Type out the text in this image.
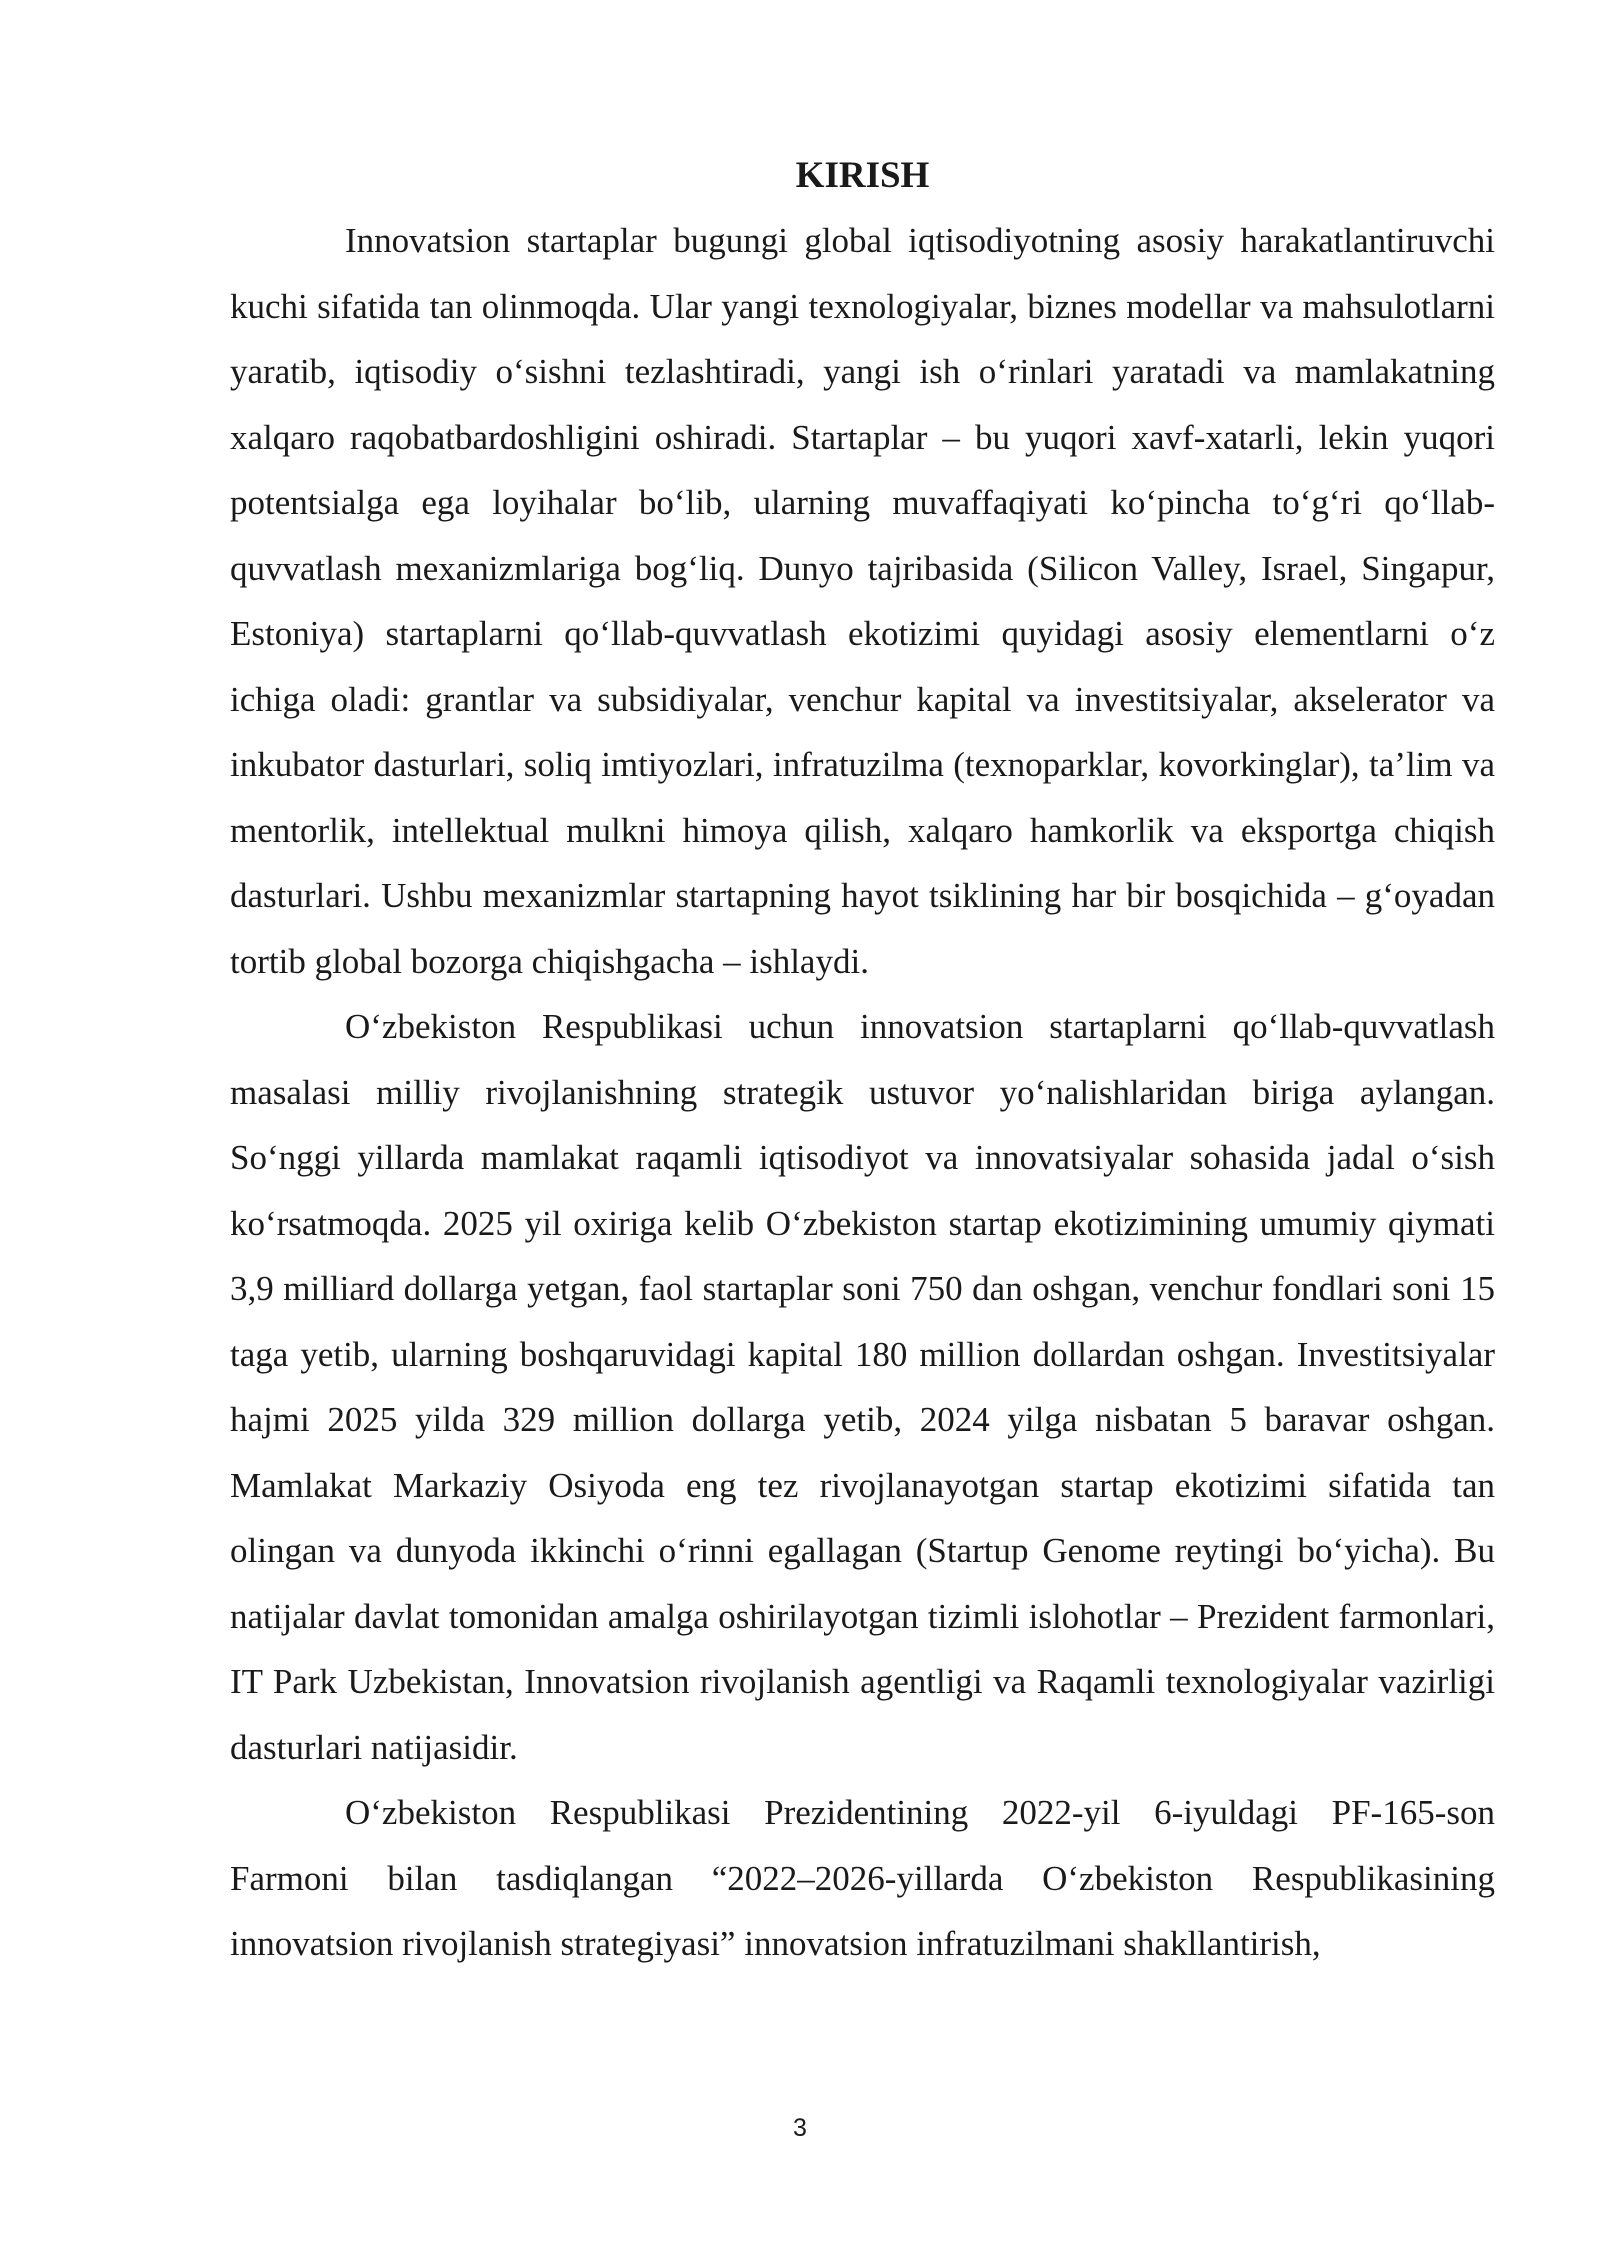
KIRISH

Innovatsion startaplar bugungi global iqtisodiyotning asosiy harakatlantiruvchi kuchi sifatida tan olinmoqda. Ular yangi texnologiyalar, biznes modellar va mahsulotlarni yaratib, iqtisodiy o‘sishni tezlashtiradi, yangi ish o‘rinlari yaratadi va mamlakatning xalqaro raqobatbardoshligini oshiradi. Startaplar – bu yuqori xavf-xatarli, lekin yuqori potentsialga ega loyihalar bo‘lib, ularning muvaffaqiyati ko‘pincha to‘g‘ri qo‘llab-quvvatlash mexanizmlariga bog‘liq. Dunyo tajribasida (Silicon Valley, Israel, Singapur, Estoniya) startaplarni qo‘llab-quvvatlash ekotizimi quyidagi asosiy elementlarni o‘z ichiga oladi: grantlar va subsidiyalar, venchur kapital va investitsiyalar, akselerator va inkubator dasturlari, soliq imtiyozlari, infratuzilma (texnoparklar, kovorkinglar), ta’lim va mentorlik, intellektual mulkni himoya qilish, xalqaro hamkorlik va eksportga chiqish dasturlari. Ushbu mexanizmlar startapning hayot tsiklining har bir bosqichida – g‘oyadan tortib global bozorga chiqishgacha – ishlaydi.

O‘zbekiston Respublikasi uchun innovatsion startaplarni qo‘llab-quvvatlash masalasi milliy rivojlanishning strategik ustuvor yo‘nalishlaridan biriga aylangan. So‘nggi yillarda mamlakat raqamli iqtisodiyot va innovatsiyalar sohasida jadal o‘sish ko‘rsatmoqda. 2025 yil oxiriga kelib O‘zbekiston startap ekotizimining umumiy qiymati 3,9 milliard dollarga yetgan, faol startaplar soni 750 dan oshgan, venchur fondlari soni 15 taga yetib, ularning boshqaruvidagi kapital 180 million dollardan oshgan. Investitsiyalar hajmi 2025 yilda 329 million dollarga yetib, 2024 yilga nisbatan 5 baravar oshgan. Mamlakat Markaziy Osiyoda eng tez rivojlanayotgan startap ekotizimi sifatida tan olingan va dunyoda ikkinchi o‘rinni egallagan (Startup Genome reytingi bo‘yicha). Bu natijalar davlat tomonidan amalga oshirilayotgan tizimli islohotlar – Prezident farmonlari, IT Park Uzbekistan, Innovatsion rivojlanish agentligi va Raqamli texnologiyalar vazirligi dasturlari natijasidir.

O‘zbekiston Respublikasi Prezidentining 2022-yil 6-iyuldagi PF-165-son Farmoni bilan tasdiqlangan “2022–2026-yillarda O‘zbekiston Respublikasining innovatsion rivojlanish strategiyasi” innovatsion infratuzilmani shakllantirish,

3
